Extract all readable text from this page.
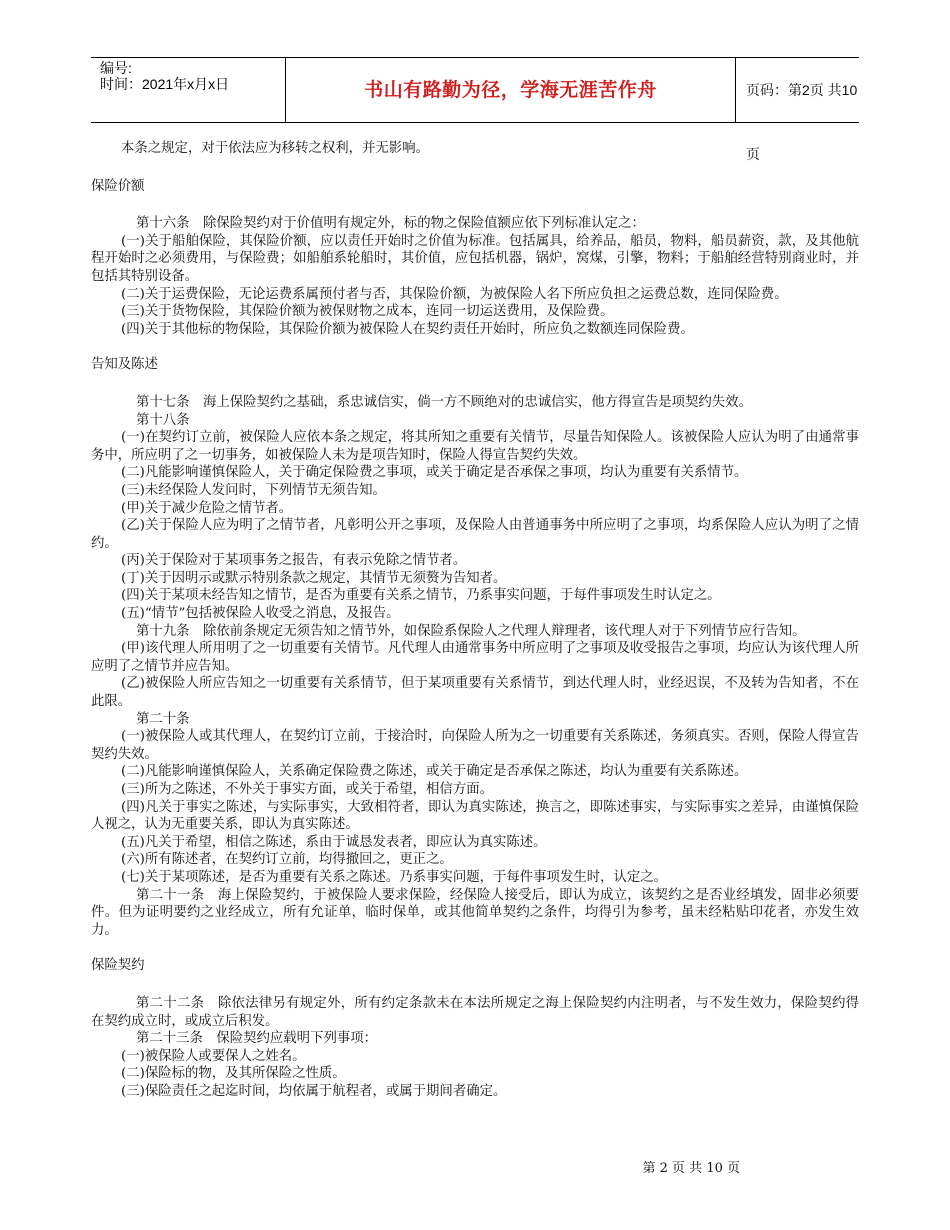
编号:
时间：2021年x月x日	书山有路勤为径，学海无涯苦作舟	页码：第2页 共10页

本条之规定，对于依法应为移转之权利，并无影响。

保险价额

第十六条　除保险契约对于价值明有规定外，标的物之保险值额应依下列标准认定之：

(一)关于船舶保险，其保险价额，应以责任开始时之价值为标准。包括属具，给养品，船员，物料，船员薪资，款，及其他航程开始时之必须费用，与保险费；如船舶系轮船时，其价值，应包括机器，锅炉，窝煤，引擎，物料；于船舶经营特别商业时，并包括其特别设备。

(二)关于运费保险，无论运费系属预付者与否，其保险价额，为被保险人名下所应负担之运费总数，连同保险费。

(三)关于货物保险，其保险价额为被保财物之成本，连同一切运送费用，及保险费。

(四)关于其他标的物保险，其保险价额为被保险人在契约责任开始时，所应负之数额连同保险费。

告知及陈述

第十七条　海上保险契约之基础，系忠诚信实，倘一方不顾绝对的忠诚信实，他方得宣告是项契约失效。

第十八条

(一)在契约订立前，被保险人应依本条之规定，将其所知之重要有关情节，尽量告知保险人。该被保险人应认为明了由通常事务中，所应明了之一切事务，如被保险人未为是项告知时，保险人得宣告契约失效。

(二)凡能影响谨慎保险人，关于确定保险费之事项，或关于确定是否承保之事项，均认为重要有关系情节。

(三)未经保险人发问时，下列情节无须告知。

(甲)关于减少危险之情节者。

(乙)关于保险人应为明了之情节者，凡彰明公开之事项，及保险人由普通事务中所应明了之事项，均系保险人应认为明了之情约。

(丙)关于保险对于某项事务之报告，有表示免除之情节者。

(丁)关于因明示或默示特别条款之规定，其情节无须赘为告知者。

(四)关于某项未经告知之情节，是否为重要有关系之情节，乃系事实问题，于每件事项发生时认定之。

(五)“情节”包括被保险人收受之消息，及报告。

第十九条　除依前条规定无须告知之情节外，如保险系保险人之代理人辩理者，该代理人对于下列情节应行告知。

(甲)该代理人所用明了之一切重要有关情节。凡代理人由通常事务中所应明了之事项及收受报告之事项，均应认为该代理人所应明了之情节并应告知。

(乙)被保险人所应告知之一切重要有关系情节，但于某项重要有关系情节，到达代理人时，业经迟误，不及转为告知者，不在此限。

第二十条

(一)被保险人或其代理人，在契约订立前，于接洽时，向保险人所为之一切重要有关系陈述，务须真实。否则，保险人得宣告契约失效。

(二)凡能影响谨慎保险人，关系确定保险费之陈述，或关于确定是否承保之陈述，均认为重要有关系陈述。

(三)所为之陈述，不外关于事实方面，或关于希望，相信方面。

(四)凡关于事实之陈述，与实际事实，大致相符者，即认为真实陈述，换言之，即陈述事实，与实际事实之差异，由谨慎保险人视之，认为无重要关系，即认为真实陈述。

(五)凡关于希望，相信之陈述，系由于诚恳发表者，即应认为真实陈述。

(六)所有陈述者，在契约订立前，均得撤回之，更正之。

(七)关于某项陈述，是否为重要有关系之陈述。乃系事实问题，于每件事项发生时，认定之。

第二十一条　海上保险契约，于被保险人要求保险，经保险人接受后，即认为成立，该契约之是否业经填发，固非必须要件。但为证明要约之业经成立，所有允证单，临时保单，或其他简单契约之条件，均得引为参考，虽未经粘贴印花者，亦发生效力。

保险契约

第二十二条　除依法律另有规定外，所有约定条款未在本法所规定之海上保险契约内注明者，与不发生效力，保险契约得在契约成立时，或成立后积发。

第二十三条　保险契约应载明下列事项：

(一)被保险人或要保人之姓名。

(二)保险标的物，及其所保险之性质。

(三)保险责任之起迄时间，均依属于航程者，或属于期间者确定。

第 2 页 共 10 页
